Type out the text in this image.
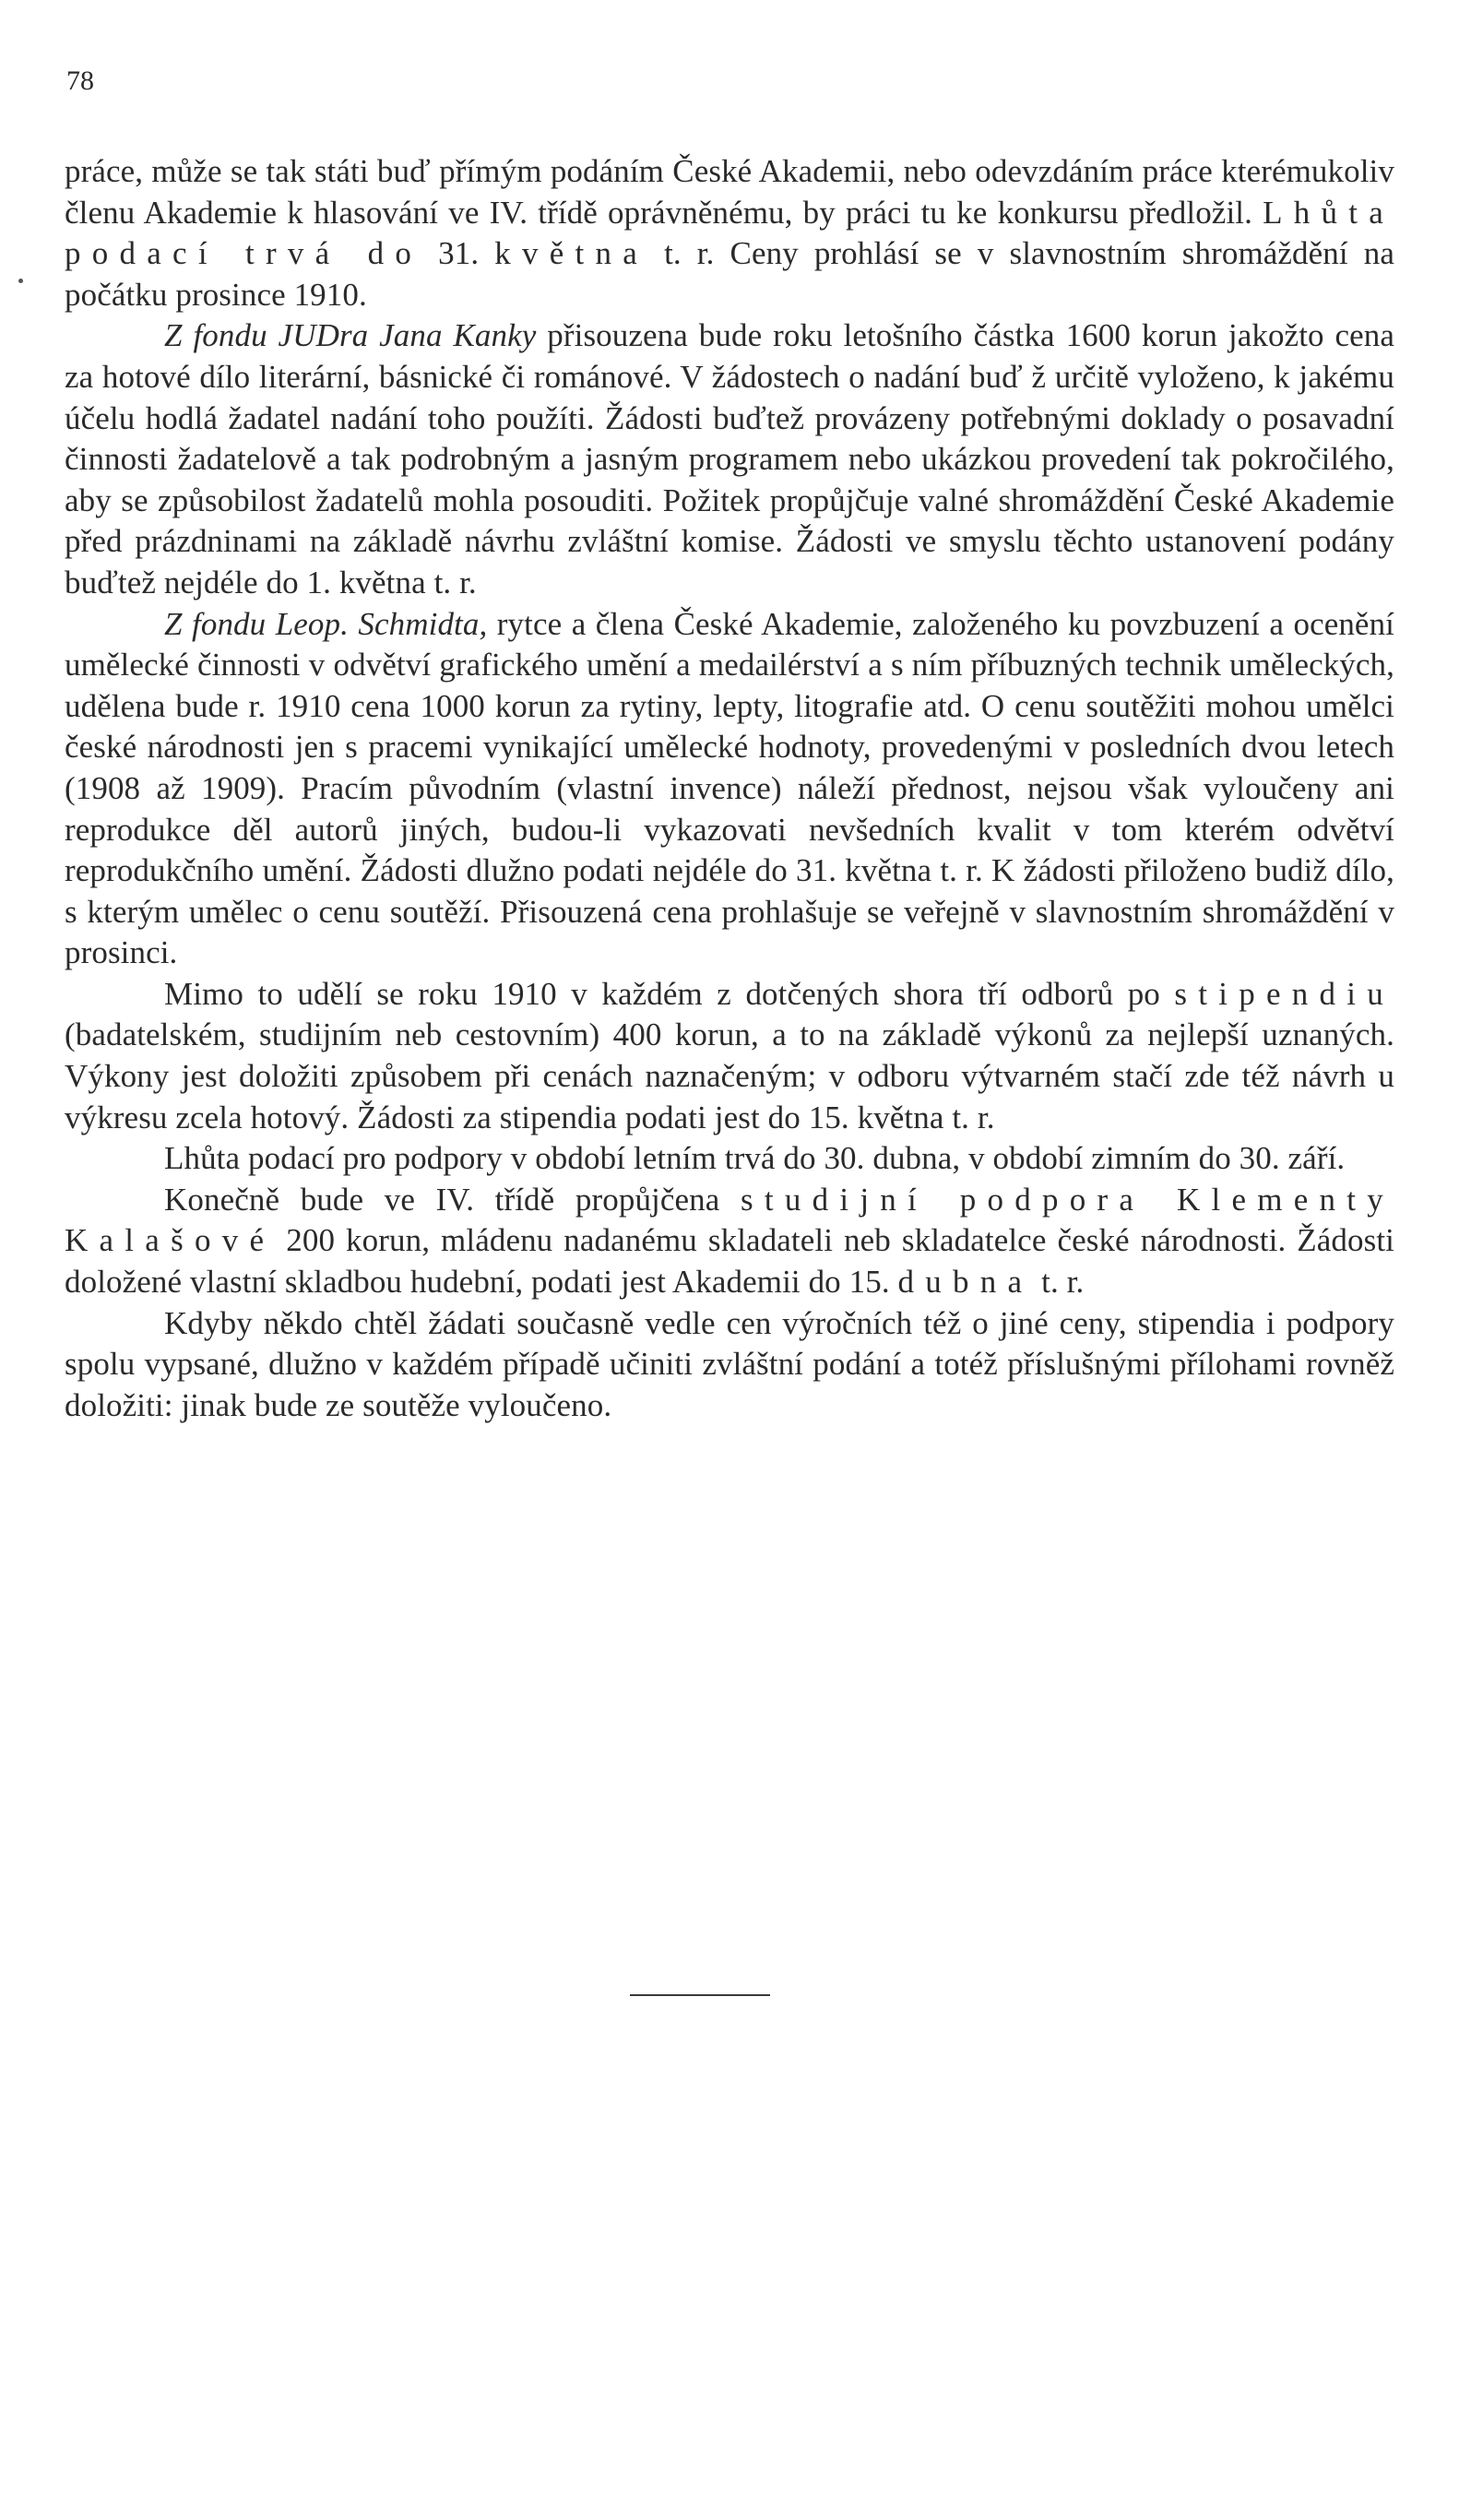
78

práce, může se tak státi buď přímým podáním České Akademii, nebo odevzdáním práce kterémukoliv členu Akademie k hlasování ve IV. třídě oprávněnému, by práci tu ke konkursu předložil. Lhůta podací trvá do 31. května t. r. Ceny prohlásí se v slavnostním shromáždění na počátku prosince 1910.

Z fondu JUDra Jana Kanky přisouzena bude roku letošního částka 1600 korun jakožto cena za hotové dílo literární, básnické či románové. V žádostech o nadání buď ž určitě vyloženo, k jakému účelu hodlá žadatel nadání toho použíti. Žádosti buďtež provázeny potřebnými doklady o posavadní činnosti žadatelově a tak podrobným a jasným programem nebo ukázkou provedení tak pokročilého, aby se způsobilost žadatelů mohla posouditi. Požitek propůjčuje valné shromáždění České Akademie před prázdninami na základě návrhu zvláštní komise. Žádosti ve smyslu těchto ustanovení podány buďtež nejdéle do 1. května t. r.

Z fondu Leop. Schmidta, rytce a člena České Akademie, založeného ku povzbuzení a ocenění umělecké činnosti v odvětví grafického umění a medailérství a s ním příbuzných technik uměleckých, udělena bude r. 1910 cena 1000 korun za rytiny, lepty, litografie atd. O cenu soutěžiti mohou umělci české národnosti jen s pracemi vynikající umělecké hodnoty, provedenými v posledních dvou letech (1908 až 1909). Pracím původním (vlastní invence) náleží přednost, nejsou však vyloučeny ani reprodukce děl autorů jiných, budou-li vykazovati nevšedních kvalit v tom kterém odvětví reprodukčního umění. Žádosti dlužno podati nejdéle do 31. května t. r. K žádosti přiloženo budiž dílo, s kterým umělec o cenu soutěží. Přisouzená cena prohlašuje se veřejně v slavnostním shromáždění v prosinci.

Mimo to udělí se roku 1910 v každém z dotčených shora tří odborů po stipendiu (badatelském, studijním neb cestovním) 400 korun, a to na základě výkonů za nejlepší uznaných. Výkony jest doložiti způsobem při cenách naznačeným; v odboru výtvarném stačí zde též návrh u výkresu zcela hotový. Žádosti za stipendia podati jest do 15. května t. r.

Lhůta podací pro podpory v období letním trvá do 30. dubna, v období zimním do 30. září.

Konečně bude ve IV. třídě propůjčena studijní podpora Klementy Kalašové 200 korun, mládenu nadanému skladateli neb skladatelce české národnosti. Žádosti doložené vlastní skladbou hudební, podati jest Akademii do 15. dubna t. r.

Kdyby někdo chtěl žádati současně vedle cen výročních též o jiné ceny, stipendia i podpory spolu vypsané, dlužno v každém případě učiniti zvláštní podání a totéž příslušnými přílohami rovněž doložiti: jinak bude ze soutěže vyloučeno.
